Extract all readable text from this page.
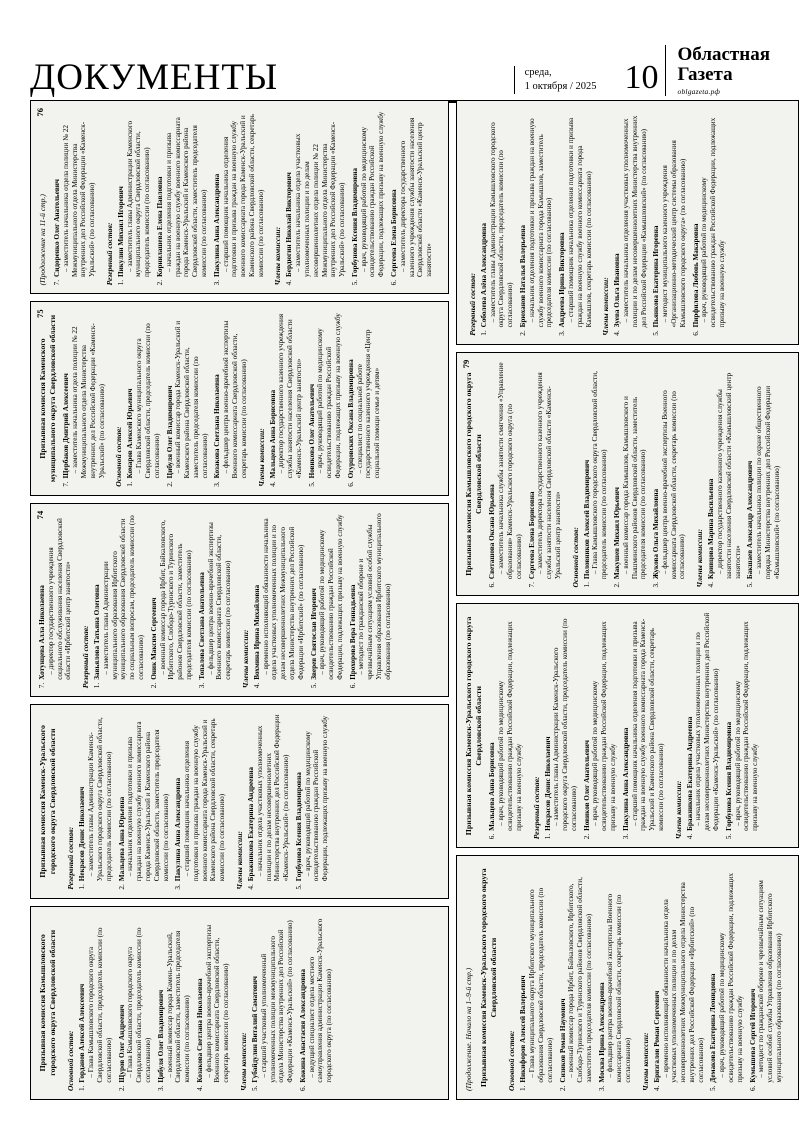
ДОКУМЕНТЫ	среда,
1 октября / 2025 10
Областная
Газета
oblgazeta.рф
Призывная комиссия Камышловского городского округа Свердловской области Основной состав: 1.
Горданов Алексей Алексеевич – Глава Камышловского городского округа Свердловской области, председатель комиссии (по согласованию)
2.
Щуров Олег Андреевич – Глава Камышловского городского округа Свердловской области, председатель комиссии (по согласованию)
3.
Цибуля Олег Владимирович – военный комиссар города Камень-Уральский, Свердловской области, заместитель председателя комиссии (по согласованию)
4.
Козакова Светлана Николаевна – фельдшер центра военно-врачебной экспертизы Военного комиссариата Свердловской области, секретарь комиссии (по согласованию) Члены комиссии: 5.
Губайдулин Виталий Саматович – старший участковый уполномоченный уполномоченных полиции межмуниципального отдела Министерства внутренних дел Российской Федерации «Каменск-Уральский» (по согласованию)
6.
Кожина Анастасия Александровна – ведущий специалист отдела местного самоуправления администрации Каменск-Уральского городского округа (по согласованию)
Призывная комиссия Каменск-Уральского городского округа Свердловской области Резервный состав: 1.
Некрасов Денис Николаевич – заместитель главы Администрации Каменск-Уральского городского округа Свердловской области, председатель комиссии (по согласованию)
2.
Мальцева Анна Юрьевна – начальник отделения подготовки и призыва граждан на военную службу военного комиссариата города Каменск-Уральский и Каменского района Свердловской области, заместитель председателя комиссии (по согласованию)
3.
Пакулина Анна Александровна – старший помощник начальника отделения подготовки и призыва граждан на военную службу военного комиссариата города Каменск-Уральский и Каменского района Свердловской области, секретарь комиссии (по согласованию) Члены комиссии: 4.
Бражникова Екатерина Андреевна – начальник отдела участковых уполномоченных полиции и по делам несовершеннолетних Министерства внутренних дел Российской Федерации «Каменск-Уральский» (по согласованию)
5.
Горбунова Ксения Владимировна – врач, руководящий работой по медицинскому освидетельствованию граждан Российской Федерации, подлежащих призыву на военную службу
74
7.
Хотунцева Алла Николаевна – директор государственного учреждения социального обслуживания населения Свердловской области «Ирбитский центр занятости» Резервный состав: 1.
Завьялова Татьяна Олеговна – заместитель главы Администрации муниципального образования Ирбитского муниципального образования Свердловской области по социальным вопросам, председатель комиссии (по согласованию)
2.
Оник Максим Сергеевич – военный комиссар города Ирбит, Байкаловского, Ирбитского, Слободо-Туринского и Туринского районов Свердловской области, заместитель председателя комиссии (по согласованию)
3.
Топалова Светлана Анатольевна – фельдшер центра военно-врачебной экспертизы Военного комиссариата Свердловской области, секретарь комиссии (по согласованию) Члены комиссии: 4.
Вохмина Ирина Михайловна – временно исполняющий обязанности начальника отдела участковых уполномоченных полиции и по делам несовершеннолетних Межмуниципального отдела Министерства внутренних дел Российской Федерации «Ирбитский» (по согласованию)
5.
Зверев Святослав Игоревич – врач, руководящий работой по медицинскому освидетельствованию граждан Российской Федерации, подлежащих призыву на военную службу
6.
Прохорова Вера Геннадьевна – методист по гражданской обороне и чрезвычайным ситуациям условий особой службы Управления образования Ирбитского муниципального образования (по согласованию)
75
Призывная комиссия Каменского муниципального округа Свердловской области
7.
Щербаков Дмитрий Алексеевич – заместитель начальника отдела полиции № 22 Межмуниципального отдела Министерства внутренних дел Российской Федерации «Каменск-Уральский» (по согласованию) Основной состав: 1.
Комаров Алексей Юрьевич – Глава Каменского муниципального округа Свердловской области, председатель комиссии (по согласованию)
2.
Цибуля Олег Владимирович – военный комиссар города Каменск-Уральский и Каменского района Свердловской области, заместитель председателя комиссии (по согласованию)
3.
Козакова Светлана Николаевна – фельдшер центра военно-врачебной экспертизы Военного комиссариата Свердловской области, секретарь комиссии (по согласованию) Члены комиссии: 4.
Мальцева Анна Борисовна – директор государственного казенного учреждения службы занятости населения Свердловской области «Каменск-Уральский центр занятости»
5.
Новикова Олег Анатольевич – врач, руководящий работой по медицинскому освидетельствованию граждан Российской Федерации, подлежащих призыву на военную службу
6.
Огурцовских Оксана Владимировна – специалист по социальной работе государственного казенного учреждения «Центр социальной помощи семье и детям»
76
(Продолжение на 11-й стр.) 7.
Сидоренко Олег Анатольевич – заместитель начальника отдела полиции № 22 Межмуниципального отдела Министерства внутренних дел Российской Федерации «Каменск-Уральский» (по согласованию) Резервный состав: 1.
Пикулин Михаил Игоревич – заместитель главы Администрации Каменского муниципального округа Свердловской области, председатель комиссии (по согласованию)
2.
Корнилашева Елена Павловна – начальник отделения подготовки и призыва граждан на военную службу военного комиссариата города Каменск-Уральский и Каменского района Свердловской области, заместитель председателя комиссии (по согласованию)
3.
Пакулина Анна Александровна – старший помощник начальника отделения подготовки и призыва граждан на военную службу военного комиссариата города Каменск-Уральский и Каменского района Свердловской области, секретарь комиссии (по согласованию) Члены комиссии: 4.
Бердюгин Николай Викторович – заместитель начальника отдела участковых уполномоченных полиции и по делам несовершеннолетних отдела полиции № 22 Межмуниципального отдела Министерства внутренних дел Российской Федерации «Каменск-Уральский» (по согласованию)
5.
Горбунова Ксения Владимировна – врач, руководящий работой по медицинскому освидетельствованию граждан Российской Федерации, подлежащих призыву на военную службу
6.
Сергеева Елена Борисовна – заместитель директора государственного казенного учреждения службы занятости населения Свердловской области «Каменск-Уральский центр занятости»
(Продолжение. Начало на 1–9-й стр.) Призывная комиссия Каменск-Уральского городского округа Свердловской области
Основной состав: 1.
Никифоров Алексей Валерьевич – Глава муниципального округа Ирбитского муниципального образования Свердловской области, председатель комиссии (по согласованию)
2.
Сизиков Роман Наумович – военный комиссар города Ирбит, Байкаловского, Ирбитского, Слободо-Туринского и Туринского районов Свердловской области, заместитель председателя комиссии (по согласованию)
3.
Москва Ирина Александровна – фельдшер центра военно-врачебной экспертизы Военного комиссариата Свердловской области, секретарь комиссии (по согласованию) Члены комиссии: 4.
Бризгалов Роман Сергеевич – временно исполняющий обязанности начальника отдела участковых уполномоченных полиции и по делам несовершеннолетних Межмуниципального отдела Министерства внутренних дел Российской Федерации «Ирбитский» (по согласованию)
5.
Демакова Екатерина Леонидовна – врач, руководящий работой по медицинскому освидетельствованию граждан Российской Федерации, подлежащих призыву на военную службу
6.
Кумышева Сергей Игоревич – методист по гражданской обороне и чрезвычайным ситуациям условий особой службы Управления образования Ирбитского муниципального образования (по согласованию)
Призывная комиссия Каменск-Уральского городского округа Свердловской области
6.
Мальцева Анна Борисовна – врач, руководящий работой по медицинскому освидетельствованию граждан Российской Федерации, подлежащих призыву на военную службу Резервный состав: 1.
Некрасов Денис Николаевич – заместитель главы Администрации Каменск-Уральского городского округа Свердловской области, председатель комиссии (по согласованию)
2.
Новиков Олег Анатольевич – врач, руководящий работой по медицинскому освидетельствованию граждан Российской Федерации, подлежащих призыву на военную службу
3.
Пакулина Анна Александровна – старший помощник начальника отделения подготовки и призыва граждан на военную службу военного комиссариата города Каменск-Уральский и Каменского района Свердловской области, секретарь комиссии (по согласованию) Члены комиссии: 4.
Бражникова Екатерина Андреевна – начальник отдела участковых уполномоченных полиции и по делам несовершеннолетних Министерства внутренних дел Российской Федерации «Каменск-Уральский» (по согласованию)
5.
Горбунова Ксения Владимировна – врач, руководящий работой по медицинскому освидетельствованию граждан Российской Федерации, подлежащих призыву на военную службу
79
Призывная комиссия Камышловского городского округа Свердловской области
6.
Светашова Оксана Юрьевна – заместитель начальника службы занятости смягчения «Управление образования» Каменск-Уральского городского округа (по согласованию)
7.
Сергеева Елена Борисовна – заместитель директора государственного казенного учреждения службы занятости населения Свердловской области «Каменск-Уральский центр занятости» Основной состав: 1.
Половников Алексей Владимирович – Глава Камышловского городского округа Свердловской области, председатель комиссии (по согласованию)
2.
Макушев Михаил Юрьевич – военный комиссар города Камышлов, Камышловского и Пышминского районов Свердловской области, заместитель председателя комиссии (по согласованию)
3.
Жукова Ольга Михайловна – фельдшер центра военно-врачебной экспертизы Военного комиссариата Свердловской области, секретарь комиссии (по согласованию) Члены комиссии: 4.
Кривцова Марина Васильевна – директор государственного казенного учреждения службы занятости населения Свердловской области «Камышловский центр занятости»
5.
Бакшаев Александр Александрович – заместитель начальника полиции по охране общественного порядка Министерства внутренних дел Российской Федерации «Камышловский» (по согласованию)
Резервный состав: 1.
Соболева Алёна Александровна – заместитель главы Администрации Камышловского городского округа Свердловской области, председатель комиссии (по согласованию)
2.
Брюханов Наталья Валерьевна – начальник отделения подготовки и призыва граждан на военную службу военного комиссариата города Камышлов, заместитель председателя комиссии (по согласованию)
3.
Андреева Ирина Викторовна – старший помощник начальника отделения подготовки и призыва граждан на военную службу военного комиссариата города Камышлов, секретарь комиссии (по согласованию) Члены комиссии: 4.
Зуева Ольга Ивановна – заместитель начальника отделения участковых уполномоченных полиции и по делам несовершеннолетних Министерства внутренних дел Российской Федерации «Камышловский» (по согласованию)
5.
Пьянкова Екатерина Игоревна – методист муниципального казенного учреждения «Организационно-методический центр системы образования Камышловского городского округа» (по согласованию)
6.
Пирфилова Любовь Макаровна – врач, руководящий работой по медицинскому освидетельствованию граждан Российской Федерации, подлежащих призыву на военную службу
